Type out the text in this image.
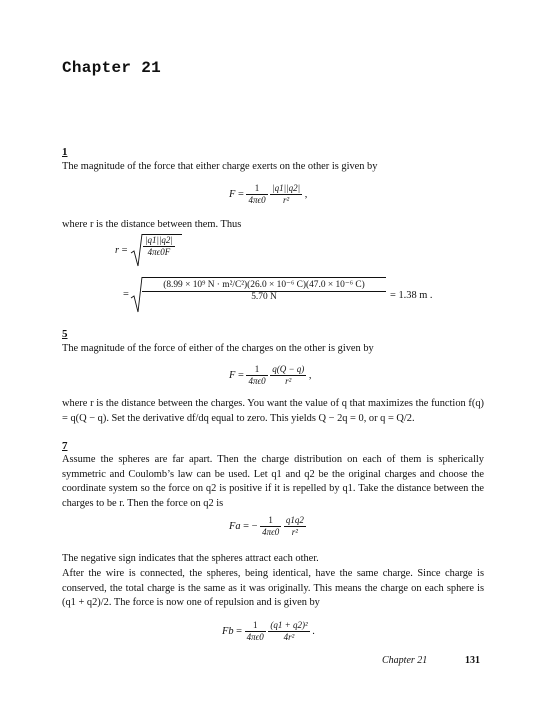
Chapter 21
1
The magnitude of the force that either charge exerts on the other is given by
$F = \frac{1}{4\pi\epsilon 0}$
$\frac{|q1||q2|}{\text{r²}}$ ,
where r is the distance between them. Thus
$r = \frac{|q1||q2|}{4\pi\epsilon 0F}$
= $\frac{\text{(8.99 × 10⁹ N · m²/C²)(26.0 × 10⁻⁶ C)(47.0 × 10⁻⁶ C)}}{5.70 N} = 1.38$ m .
5
The magnitude of the force of either of the charges on the other is given by
$F = \frac{1}{4\pi\epsilon 0}$
$\frac{q(Q - q)}{\text{r²}}$ ,
where r is the distance between the charges. You want the value of q that maximizes the function f(q) = q(Q − q). Set the derivative df/dq equal to zero. This yields Q − 2q = 0, or q = Q/2.
7
Assume the spheres are far apart. Then the charge distribution on each of them is spherically symmetric and Coulomb’s law can be used. Let q1 and q2 be the original charges and choose the coordinate system so the force on q2 is positive if it is repelled by q1. Take the distance between the charges to be r. Then the force on q2 is
Fa = − $\frac{1}{4\pi\epsilon 0}$
$\frac{q1q2}{\text{r²}}$
The negative sign indicates that the spheres attract each other.
After the wire is connected, the spheres, being identical, have the same charge. Since charge is conserved, the total charge is the same as it was originally. This means the charge on each sphere is (q1 + q2)/2. The force is now one of repulsion and is given by
$Fb = \frac{1}{4\pi\epsilon 0}$
$\frac{\text{(q1 + q2)²}}{\text{4r²}}$ .
Chapter 21	131
